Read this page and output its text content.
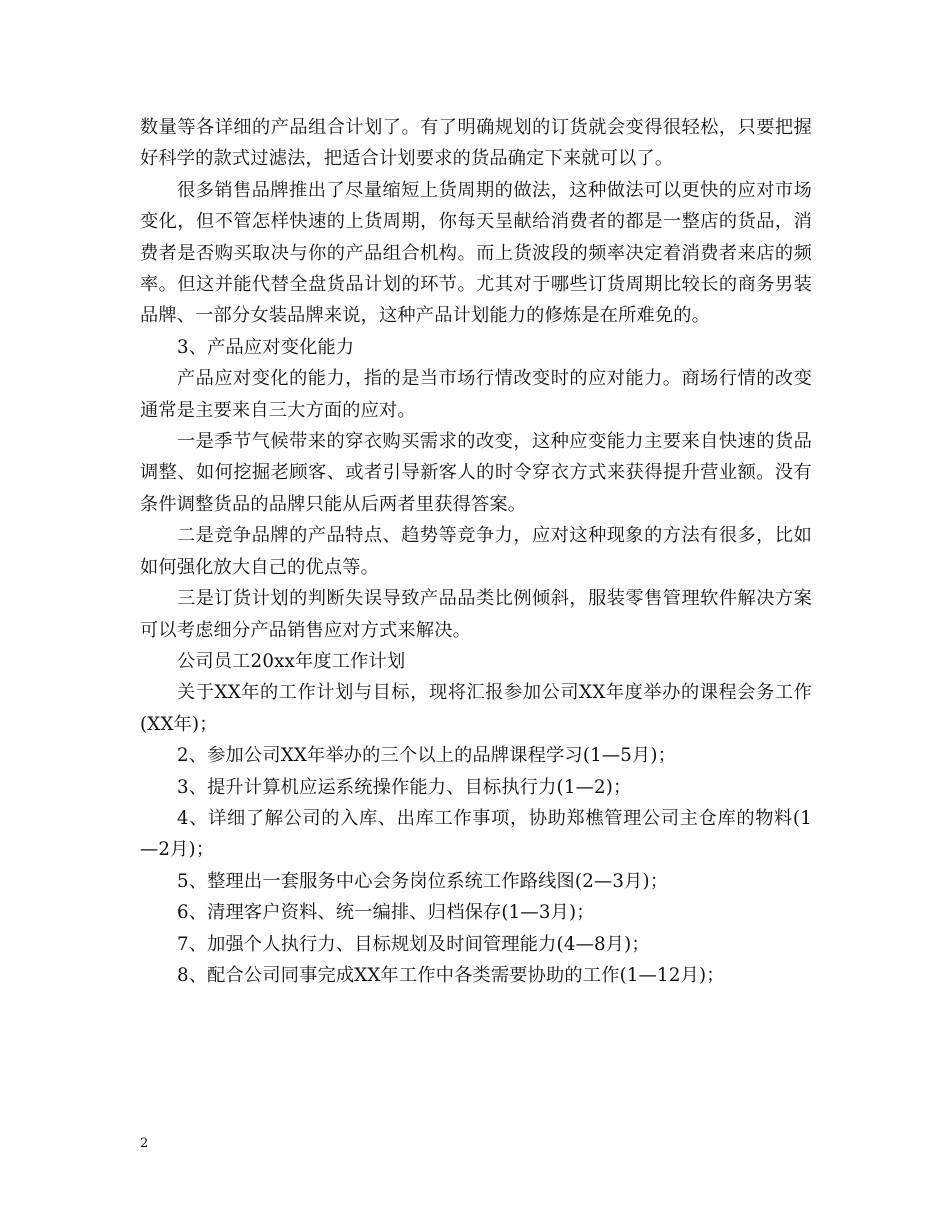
数量等各详细的产品组合计划了。有了明确规划的订货就会变得很轻松，只要把握好科学的款式过滤法，把适合计划要求的货品确定下来就可以了。

很多销售品牌推出了尽量缩短上货周期的做法，这种做法可以更快的应对市场变化，但不管怎样快速的上货周期，你每天呈献给消费者的都是一整店的货品，消费者是否购买取决与你的产品组合机构。而上货波段的频率决定着消费者来店的频率。但这并能代替全盘货品计划的环节。尤其对于哪些订货周期比较长的商务男装品牌、一部分女装品牌来说，这种产品计划能力的修炼是在所难免的。

3、产品应对变化能力

产品应对变化的能力，指的是当市场行情改变时的应对能力。商场行情的改变通常是主要来自三大方面的应对。

一是季节气候带来的穿衣购买需求的改变，这种应变能力主要来自快速的货品调整、如何挖掘老顾客、或者引导新客人的时令穿衣方式来获得提升营业额。没有条件调整货品的品牌只能从后两者里获得答案。

二是竞争品牌的产品特点、趋势等竞争力，应对这种现象的方法有很多，比如如何强化放大自己的优点等。

三是订货计划的判断失误导致产品品类比例倾斜，服装零售管理软件解决方案可以考虑细分产品销售应对方式来解决。

公司员工20xx年度工作计划

关于XX年的工作计划与目标，现将汇报参加公司XX年度举办的课程会务工作(XX年)；

2、参加公司XX年举办的三个以上的品牌课程学习(1—5月)；

3、提升计算机应运系统操作能力、目标执行力(1—2)；

4、详细了解公司的入库、出库工作事项，协助郑樵管理公司主仓库的物料(1—2月)；

5、整理出一套服务中心会务岗位系统工作路线图(2—3月)；

6、清理客户资料、统一编排、归档保存(1—3月)；

7、加强个人执行力、目标规划及时间管理能力(4—8月)；

8、配合公司同事完成XX年工作中各类需要协助的工作(1—12月)；

2
